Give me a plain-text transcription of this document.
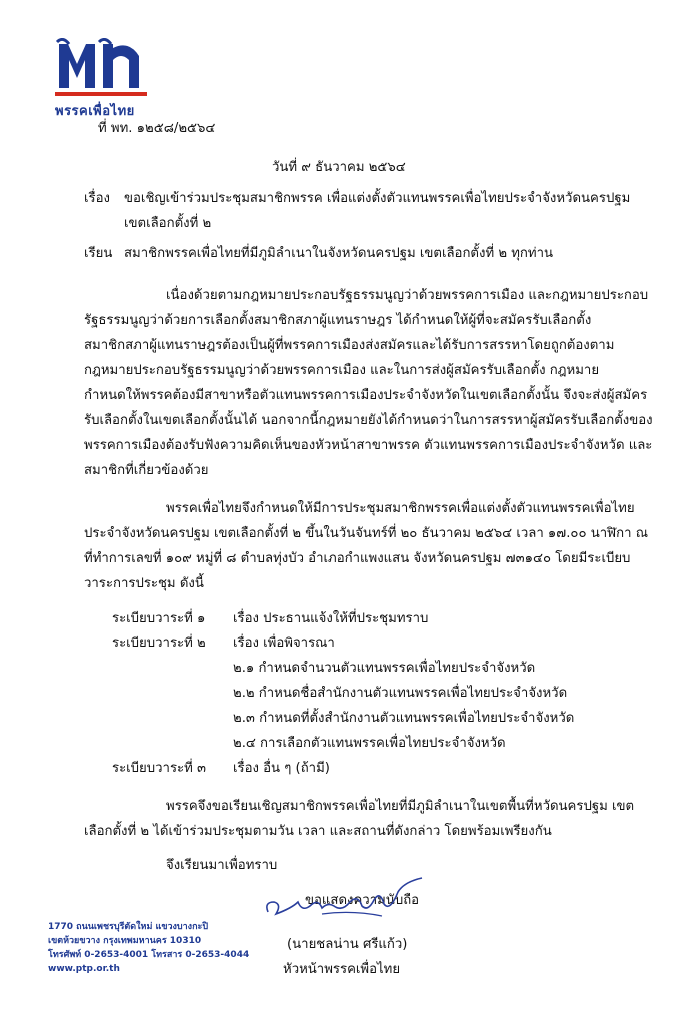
พรรคเพื่อไทย
ที่ พท. ๑๒๕๘/๒๕๖๔
วันที่ ๙ ธันวาคม ๒๕๖๔
เรื่อง ขอเชิญเข้าร่วมประชุมสมาชิกพรรค เพื่อแต่งตั้งตัวแทนพรรคเพื่อไทยประจำจังหวัดนครปฐม
เขตเลือกตั้งที่ ๒
เรียน สมาชิกพรรคเพื่อไทยที่มีภูมิลำเนาในจังหวัดนครปฐม เขตเลือกตั้งที่ ๒ ทุกท่าน
เนื่องด้วยตามกฎหมายประกอบรัฐธรรมนูญว่าด้วยพรรคการเมือง และกฎหมายประกอบ
รัฐธรรมนูญว่าด้วยการเลือกตั้งสมาชิกสภาผู้แทนราษฎร ได้กำหนดให้ผู้ที่จะสมัครรับเลือกตั้ง
สมาชิกสภาผู้แทนราษฎรต้องเป็นผู้ที่พรรคการเมืองส่งสมัครและได้รับการสรรหาโดยถูกต้องตาม
กฎหมายประกอบรัฐธรรมนูญว่าด้วยพรรคการเมือง และในการส่งผู้สมัครรับเลือกตั้ง กฎหมาย
กำหนดให้พรรคต้องมีสาขาหรือตัวแทนพรรคการเมืองประจำจังหวัดในเขตเลือกตั้งนั้น จึงจะส่งผู้สมัคร
รับเลือกตั้งในเขตเลือกตั้งนั้นได้ นอกจากนี้กฎหมายยังได้กำหนดว่าในการสรรหาผู้สมัครรับเลือกตั้งของ
พรรคการเมืองต้องรับฟังความคิดเห็นของหัวหน้าสาขาพรรค ตัวแทนพรรคการเมืองประจำจังหวัด และ
สมาชิกที่เกี่ยวข้องด้วย
พรรคเพื่อไทยจึงกำหนดให้มีการประชุมสมาชิกพรรคเพื่อแต่งตั้งตัวแทนพรรคเพื่อไทย
ประจำจังหวัดนครปฐม เขตเลือกตั้งที่ ๒ ขึ้นในวันจันทร์ที่ ๒๐ ธันวาคม ๒๕๖๔ เวลา ๑๗.๐๐ นาฬิกา ณ
ที่ทำการเลขที่ ๑๐๙ หมู่ที่ ๘ ตำบลทุ่งบัว อำเภอกำแพงแสน จังหวัดนครปฐม ๗๓๑๔๐ โดยมีระเบียบ
วาระการประชุม ดังนี้
ระเบียบวาระที่ ๑ เรื่อง ประธานแจ้งให้ที่ประชุมทราบ
ระเบียบวาระที่ ๒ เรื่อง เพื่อพิจารณา
๒.๑ กำหนดจำนวนตัวแทนพรรคเพื่อไทยประจำจังหวัด
๒.๒ กำหนดชื่อสำนักงานตัวแทนพรรคเพื่อไทยประจำจังหวัด
๒.๓ กำหนดที่ตั้งสำนักงานตัวแทนพรรคเพื่อไทยประจำจังหวัด
๒.๔ การเลือกตัวแทนพรรคเพื่อไทยประจำจังหวัด
ระเบียบวาระที่ ๓ เรื่อง อื่น ๆ (ถ้ามี)
พรรคจึงขอเรียนเชิญสมาชิกพรรคเพื่อไทยที่มีภูมิลำเนาในเขตพื้นที่หวัดนครปฐม เขต
เลือกตั้งที่ ๒ ได้เข้าร่วมประชุมตามวัน เวลา และสถานที่ดังกล่าว โดยพร้อมเพรียงกัน
จึงเรียนมาเพื่อทราบ
ขอแสดงความนับถือ
(นายชลน่าน ศรีแก้ว)
หัวหน้าพรรคเพื่อไทย
1770 ถนนเพชรบุรีตัดใหม่ แขวงบางกะปิ
เขตห้วยขวาง กรุงเทพมหานคร 10310
โทรศัพท์ 0-2653-4001 โทรสาร 0-2653-4044
www.ptp.or.th
